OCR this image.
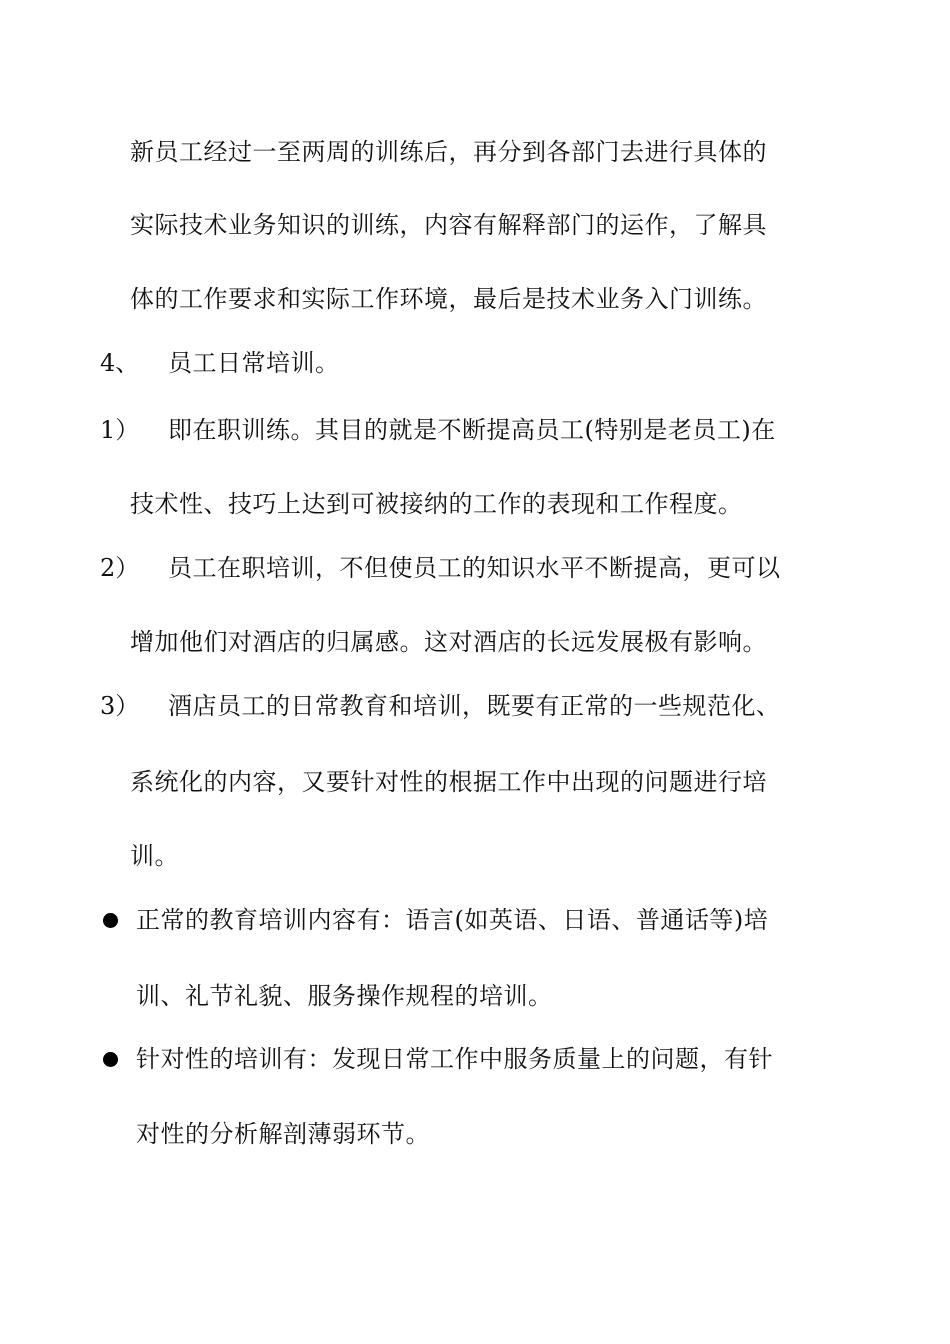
新员工经过一至两周的训练后，再分到各部门去进行具体的
实际技术业务知识的训练，内容有解释部门的运作，了解具
体的工作要求和实际工作环境，最后是技术业务入门训练。
4、 员工日常培训。
1） 即在职训练。其目的就是不断提高员工(特别是老员工)在
技术性、技巧上达到可被接纳的工作的表现和工作程度。
2） 员工在职培训，不但使员工的知识水平不断提高，更可以
增加他们对酒店的归属感。这对酒店的长远发展极有影响。
3） 酒店员工的日常教育和培训，既要有正常的一些规范化、
系统化的内容，又要针对性的根据工作中出现的问题进行培
训。
正常的教育培训内容有：语言(如英语、日语、普通话等)培
训、礼节礼貌、服务操作规程的培训。
针对性的培训有：发现日常工作中服务质量上的问题，有针
对性的分析解剖薄弱环节。
